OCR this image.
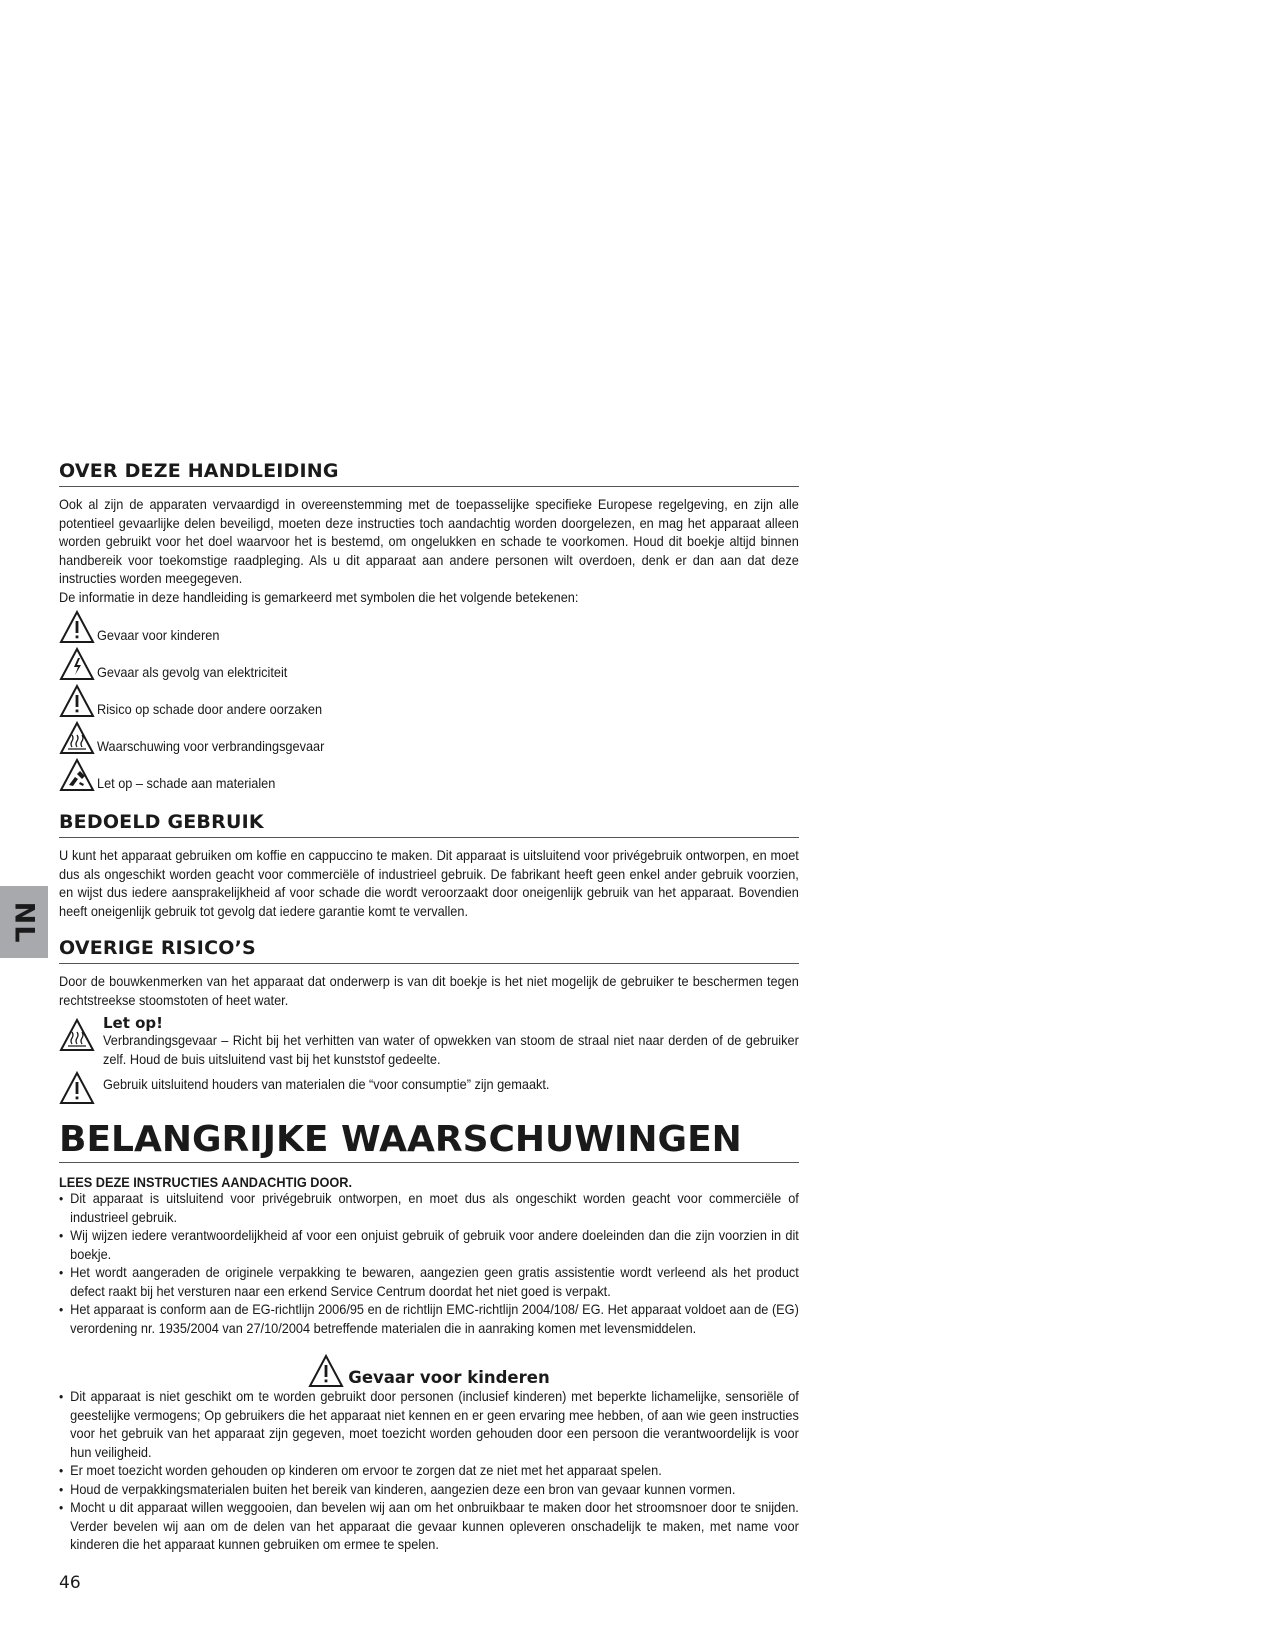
NL
OVER DEZE HANDLEIDING

Ook al zijn de apparaten vervaardigd in overeenstemming met de toepasselijke specifieke Europese regelgeving, en zijn alle potentieel gevaarlijke delen beveiligd, moeten deze instructies toch aandachtig worden doorgelezen, en mag het apparaat alleen worden gebruikt voor het doel waarvoor het is bestemd, om ongelukken en schade te voorkomen. Houd dit boekje altijd binnen handbereik voor toekomstige raadpleging. Als u dit apparaat aan andere personen wilt overdoen, denk er dan aan dat deze instructies worden meegegeven.

De informatie in deze handleiding is gemarkeerd met symbolen die het volgende betekenen:

Gevaar voor kinderen
Gevaar als gevolg van elektriciteit
Risico op schade door andere oorzaken
Waarschuwing voor verbrandingsgevaar
Let op – schade aan materialen
BEDOELD GEBRUIK

U kunt het apparaat gebruiken om koffie en cappuccino te maken. Dit apparaat is uitsluitend voor privégebruik ontworpen, en moet dus als ongeschikt worden geacht voor commerciële of industrieel gebruik. De fabrikant heeft geen enkel ander gebruik voorzien, en wijst dus iedere aansprakelijkheid af voor schade die wordt veroorzaakt door oneigenlijk gebruik van het apparaat. Bovendien heeft oneigenlijk gebruik tot gevolg dat iedere garantie komt te vervallen.

OVERIGE RISICO’S

Door de bouwkenmerken van het apparaat dat onderwerp is van dit boekje is het niet mogelijk de gebruiker te beschermen tegen rechtstreekse stoomstoten of heet water.

Let op!

Verbrandingsgevaar – Richt bij het verhitten van water of opwekken van stoom de straal niet naar derden of de gebruiker zelf. Houd de buis uitsluitend vast bij het kunststof gedeelte.

Gebruik uitsluitend houders van materialen die “voor consumptie” zijn gemaakt.

BELANGRIJKE WAARSCHUWINGEN
LEES DEZE INSTRUCTIES AANDACHTIG DOOR.
• Dit apparaat is uitsluitend voor privégebruik ontworpen, en moet dus als ongeschikt worden geacht voor commerciële of industrieel gebruik.
• Wij wijzen iedere verantwoordelijkheid af voor een onjuist gebruik of gebruik voor andere doeleinden dan die zijn voorzien in dit boekje.
• Het wordt aangeraden de originele verpakking te bewaren, aangezien geen gratis assistentie wordt verleend als het product defect raakt bij het versturen naar een erkend Service Centrum doordat het niet goed is verpakt.
• Het apparaat is conform aan de EG-richtlijn 2006/95 en de richtlijn EMC-richtlijn 2004/108/ EG. Het apparaat voldoet aan de (EG) verordening nr. 1935/2004 van 27/10/2004 betreffende materialen die in aanraking komen met levensmiddelen.
Gevaar voor kinderen
• Dit apparaat is niet geschikt om te worden gebruikt door personen (inclusief kinderen) met beperkte lichamelijke, sensoriële of geestelijke vermogens; Op gebruikers die het apparaat niet kennen en er geen ervaring mee hebben, of aan wie geen instructies voor het gebruik van het apparaat zijn gegeven, moet toezicht worden gehouden door een persoon die verantwoordelijk is voor hun veiligheid.
• Er moet toezicht worden gehouden op kinderen om ervoor te zorgen dat ze niet met het apparaat spelen.
• Houd de verpakkingsmaterialen buiten het bereik van kinderen, aangezien deze een bron van gevaar kunnen vormen.
• Mocht u dit apparaat willen weggooien, dan bevelen wij aan om het onbruikbaar te maken door het stroomsnoer door te snijden. Verder bevelen wij aan om de delen van het apparaat die gevaar kunnen opleveren onschadelijk te maken, met name voor kinderen die het apparaat kunnen gebruiken om ermee te spelen.
46
